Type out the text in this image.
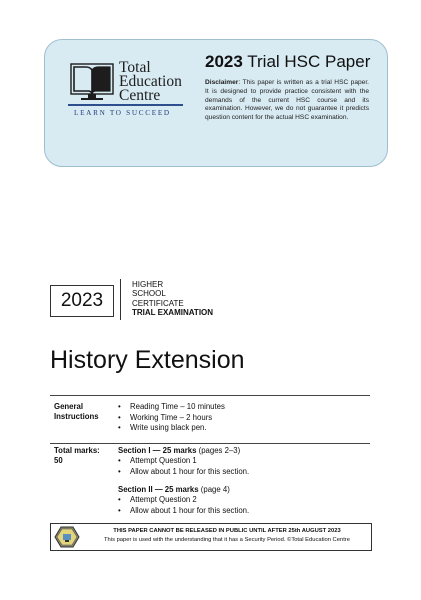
Total Education Centre
LEARN TO SUCCEED
2023 Trial HSC Paper
Disclaimer: This paper is written as a trial HSC paper. It is designed to provide practice consistent with the demands of the current HSC course and its examination. However, we do not guarantee it predicts question content for the actual HSC examination.
2023
HIGHER
SCHOOL
CERTIFICATE
TRIAL EXAMINATION
History Extension
General Instructions
• Reading Time – 10 minutes
• Working Time – 2 hours
• Write using black pen.
Total marks:
50
Section I — 25 marks (pages 2–3)
• Attempt Question 1
• Allow about 1 hour for this section.
Section II — 25 marks (page 4)
• Attempt Question 2
• Allow about 1 hour for this section.
THIS PAPER CANNOT BE RELEASED IN PUBLIC UNTIL AFTER 25th AUGUST 2023
This paper is used with the understanding that it has a Security Period. ©Total Education Centre
